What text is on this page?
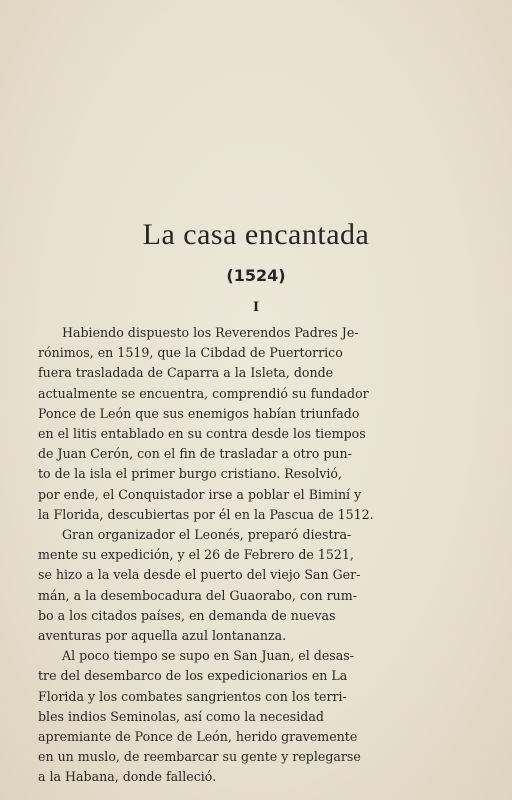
La casa encantada
(1524)
I

Habiendo dispuesto los Reverendos Padres Je-
rónimos, en 1519, que la Cibdad de Puertorrico
fuera trasladada de Caparra a la Isleta, donde
actualmente se encuentra, comprendió su fundador
Ponce de León que sus enemigos habían triunfado
en el litis entablado en su contra desde los tiempos
de Juan Cerón, con el fin de trasladar a otro pun-
to de la isla el primer burgo cristiano. Resolvió,
por ende, el Conquistador irse a poblar el Biminí y
la Florida, descubiertas por él en la Pascua de 1512.

Gran organizador el Leonés, preparó diestra-
mente su expedición, y el 26 de Febrero de 1521,
se hizo a la vela desde el puerto del viejo San Ger-
mán, a la desembocadura del Guaorabo, con rum-
bo a los citados países, en demanda de nuevas
aventuras por aquella azul lontananza.

Al poco tiempo se supo en San Juan, el desas-
tre del desembarco de los expedicionarios en La
Florida y los combates sangrientos con los terri-
bles indios Seminolas, así como la necesidad
apremiante de Ponce de León, herido gravemente
en un muslo, de reembarcar su gente y replegarse
a la Habana, donde falleció.
